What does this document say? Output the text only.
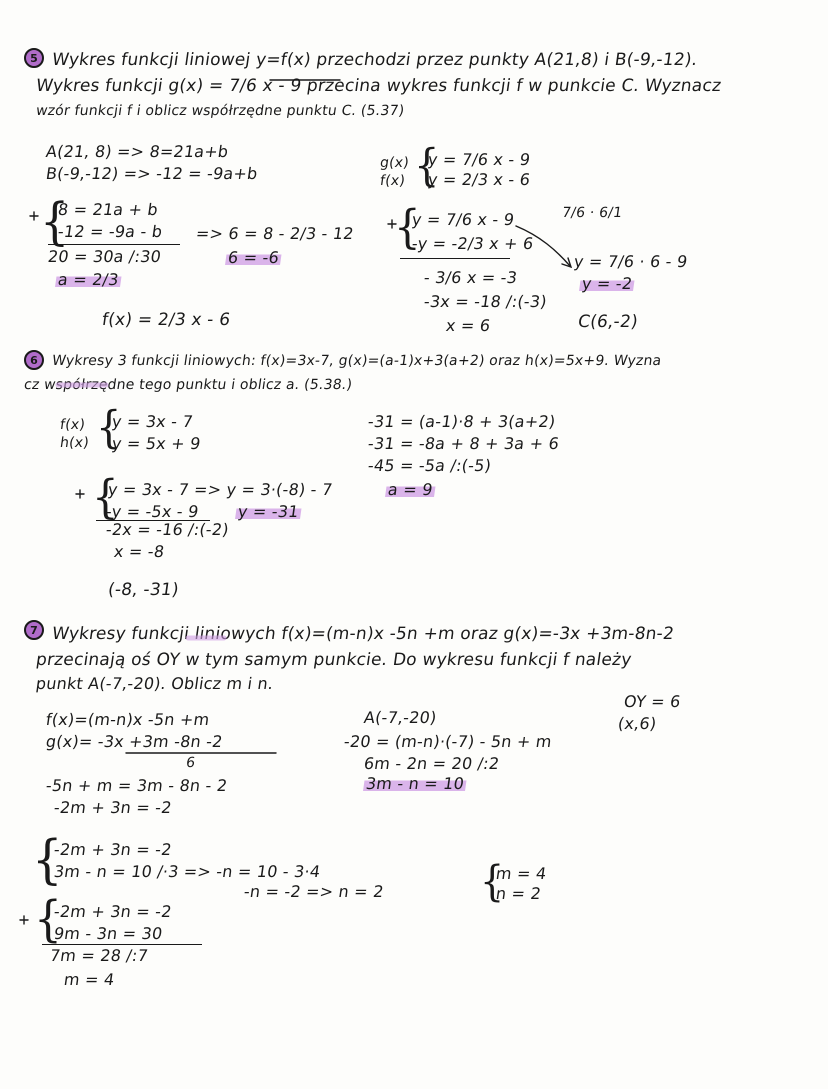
5 Wykres funkcji liniowej y=f(x) przechodzi przez punkty A(21,8) i B(-9,-12).
Wykres funkcji g(x) = 7/6 x - 9 przecina wykres funkcji f w punkcie C. Wyznacz
wzór funkcji f i oblicz współrzędne punktu C. (5.37)
A(21, 8) => 8=21a+b
B(-9,-12) => -12 = -9a+b
{
8 = 21a + b
-12 = -9a - b
20 = 30a /:30
a = 2/3
=> 6 = 8 - 2/3 - 12
6 = -6
f(x) = 2/3 x - 6
g(x)
f(x) {
y = 7/6 x - 9
y = 2/3 x - 6
{
y = 7/6 x - 9
-y = -2/3 x + 6
- 3/6 x = -3
-3x = -18 /:(-3)
x = 6
7/6 · 6/1
y = 7/6 · 6 - 9
y = -2
C(6,-2)
6 Wykresy 3 funkcji liniowych: f(x)=3x-7, g(x)=(a-1)x+3(a+2) oraz h(x)=5x+9. Wyzna
cz współrzędne tego punktu i oblicz a. (5.38.)
f(x)
h(x) {
y = 3x - 7
y = 5x + 9
{
y = 3x - 7 => y = 3·(-8) - 7
-y = -5x - 9 y = -31
-2x = -16 /:(-2)
x = -8
(-8, -31)
-31 = (a-1)·8 + 3(a+2)
-31 = -8a + 8 + 3a + 6
-45 = -5a /:(-5)
a = 9
7 Wykresy funkcji liniowych f(x)=(m-n)x -5n +m oraz g(x)=-3x +3m-8n-2
przecinają oś OY w tym samym punkcie. Do wykresu funkcji f należy
punkt A(-7,-20). Oblicz m i n.
f(x)=(m-n)x -5n +m
g(x)= -3x +3m -8n -2
6
-5n + m = 3m - 8n - 2
-2m + 3n = -2
{
-2m + 3n = -2
3m - n = 10 /·3 => -n = 10 - 3·4
-n = -2 => n = 2
{
-2m + 3n = -2
9m - 3n = 30
7m = 28 /:7
m = 4
A(-7,-20)
-20 = (m-n)·(-7) - 5n + m
6m - 2n = 20 /:2
3m - n = 10
OY = 6
(x,6)
{
m = 4
n = 2
